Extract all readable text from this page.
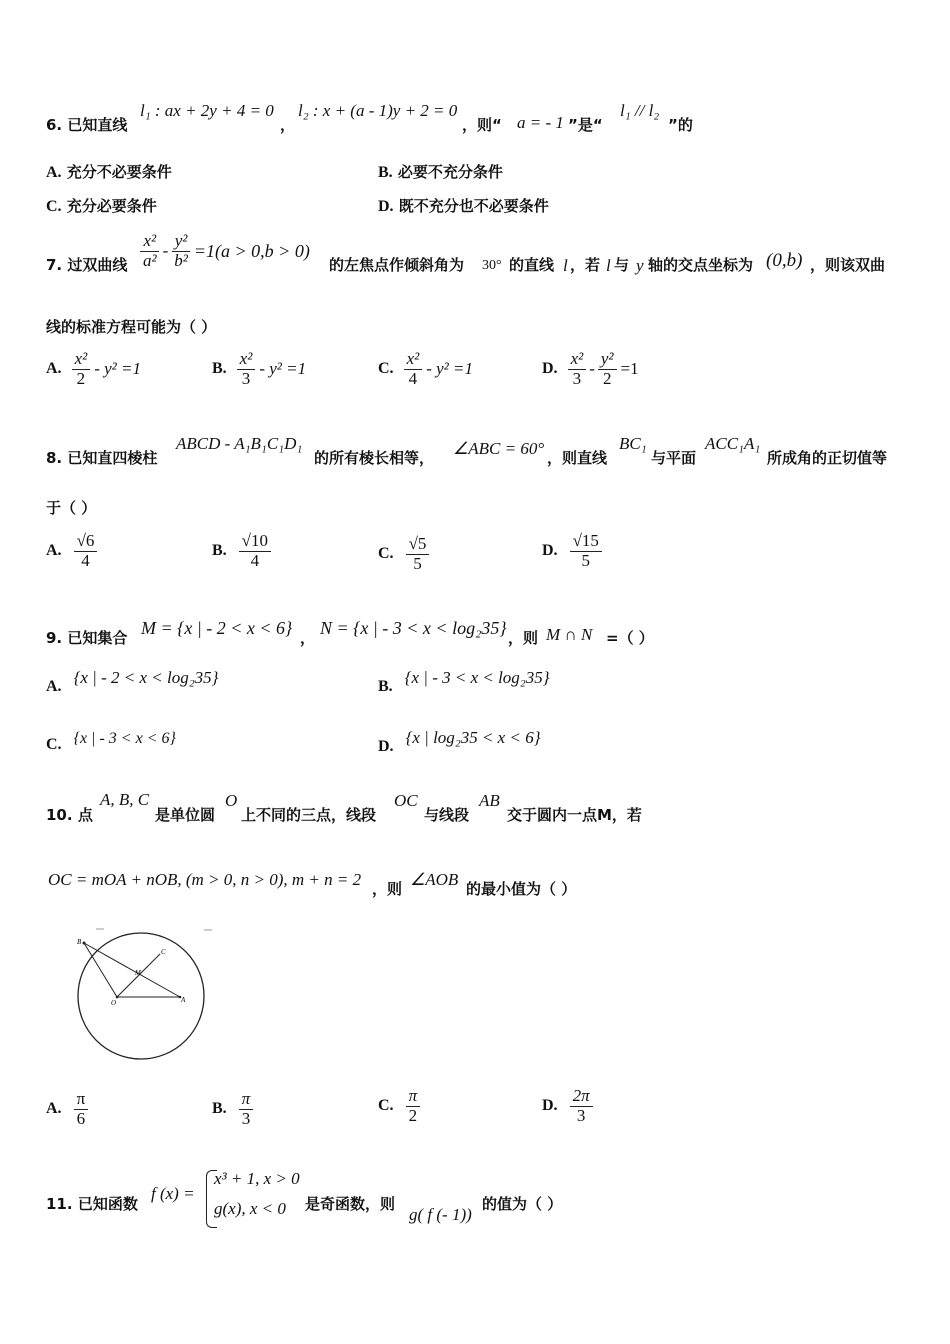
6. 已知直线
l₁ : ax + 2y + 4 = 0
，
l₂ : x + (a - 1)y + 2 = 0
，则“ a = - 1 ”是“
l₁ // l₂
”的
A. 充分不必要条件	B. 必要不充分条件
C. 充分必要条件	D. 既不充分也不必要条件
7. 过双曲线 $\frac{\text{x²}}{\text{a²}} - \frac{\text{y²}}{\text{b²}} =1(a > 0,b > 0)$
的左焦点作倾斜角为 30° 的直线 l ，若 l 与 y 轴的交点坐标为 (0,b) ，则该双曲
线的标准方程可能为（ ）
A. $\frac{\text{x²}}{2} - y^2 =1$	B. $\frac{\text{x²}}{3} - y^2 =1$	C. $\frac{\text{x²}}{4} - y^2 =1$	D. $\frac{\text{x²}}{3} - \frac{\text{y²}}{2} =1$
8. 已知直四棱柱
ABCD - A₁B₁C₁D₁
的所有棱长相等， ∠ABC = 60° ，则直线
BC₁
与平面
ACC₁A₁
所成角的正切值等
于（ ）
A. $\frac{√6}{4}$	B. $\frac{√10}{4}$	C. $\frac{√5}{5}$	D. $\frac{√15}{5}$
9. 已知集合 M = {x | - 2 < x < 6} ， N = {x | - 3 < x < log₂35} ，则 M ∩ N =（ ）
A. {x | - 2 < x < log₂35}	B. {x | - 3 < x < log₂35}
C. {x | - 3 < x < 6}	D. {x | log₂35 < x < 6}
10. 点
A, B, C
是单位圆
O
上不同的三点，线段
OC
与线段
AB
交于圆内一点M，若
OC = mOA + nOB, (m > 0, n > 0), m + n = 2 ，则 ∠AOB 的最小值为（ ）
B
C
M
O	A
A. $\frac{\pi}{6}$	B. $\frac{\pi}{3}$	C. $\frac{\pi}{2}$	D. $\frac{2\pi}{3}$
11. 已知函数
f (x) =
x³ + 1, x > 0
g(x), x < 0 是奇函数，则
g( f (- 1))
的值为（ ）
